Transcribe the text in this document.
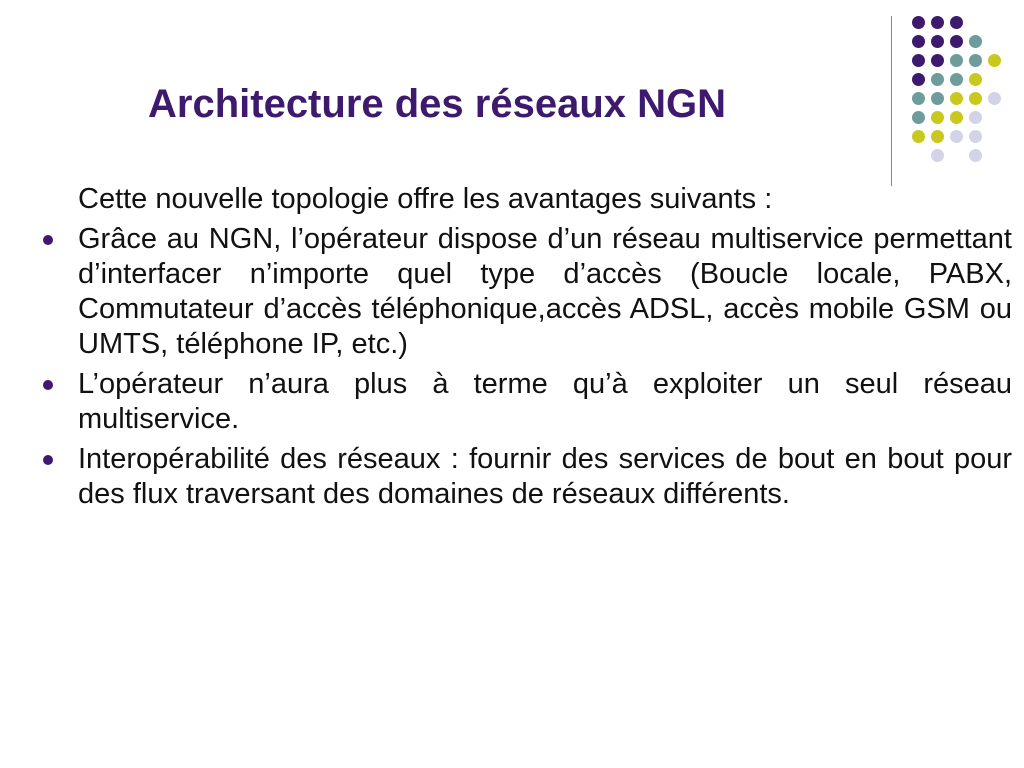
Architecture des réseaux NGN

Cette nouvelle topologie offre les avantages suivants :

Grâce au NGN, l’opérateur dispose d’un réseau multiservice permettant d’interfacer n’importe quel type d’accès (Boucle locale, PABX, Commutateur d’accès téléphonique,accès ADSL, accès mobile GSM ou UMTS, téléphone IP, etc.)
L’opérateur n’aura plus à terme qu’à exploiter un seul réseau multiservice.
Interopérabilité des réseaux : fournir des services de bout en bout pour des flux traversant des domaines de réseaux différents.
